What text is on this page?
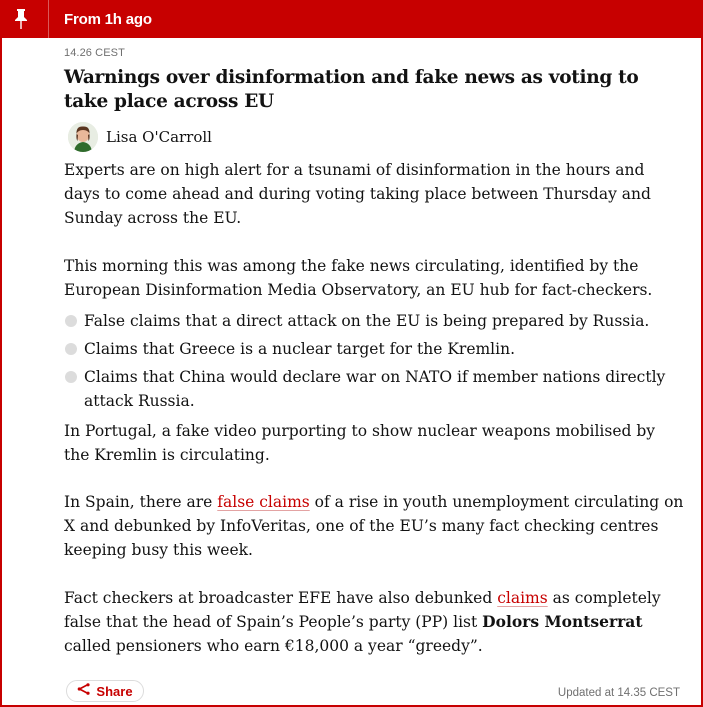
From 1h ago
14.26 CEST
Warnings over disinformation and fake news as voting to take place across EU
Lisa O'Carroll

Experts are on high alert for a tsunami of disinformation in the hours and days to come ahead and during voting taking place between Thursday and Sunday across the EU.

This morning this was among the fake news circulating, identified by the European Disinformation Media Observatory, an EU hub for fact-checkers.

False claims that a direct attack on the EU is being prepared by Russia.
Claims that Greece is a nuclear target for the Kremlin.
Claims that China would declare war on NATO if member nations directly attack Russia.

In Portugal, a fake video purporting to show nuclear weapons mobilised by the Kremlin is circulating.

In Spain, there are false claims of a rise in youth unemployment circulating on X and debunked by InfoVeritas, one of the EU’s many fact checking centres keeping busy this week.

Fact checkers at broadcaster EFE have also debunked claims as completely false that the head of Spain’s People’s party (PP) list Dolors Montserrat called pensioners who earn €18,000 a year “greedy”.

Share	Updated at 14.35 CEST
